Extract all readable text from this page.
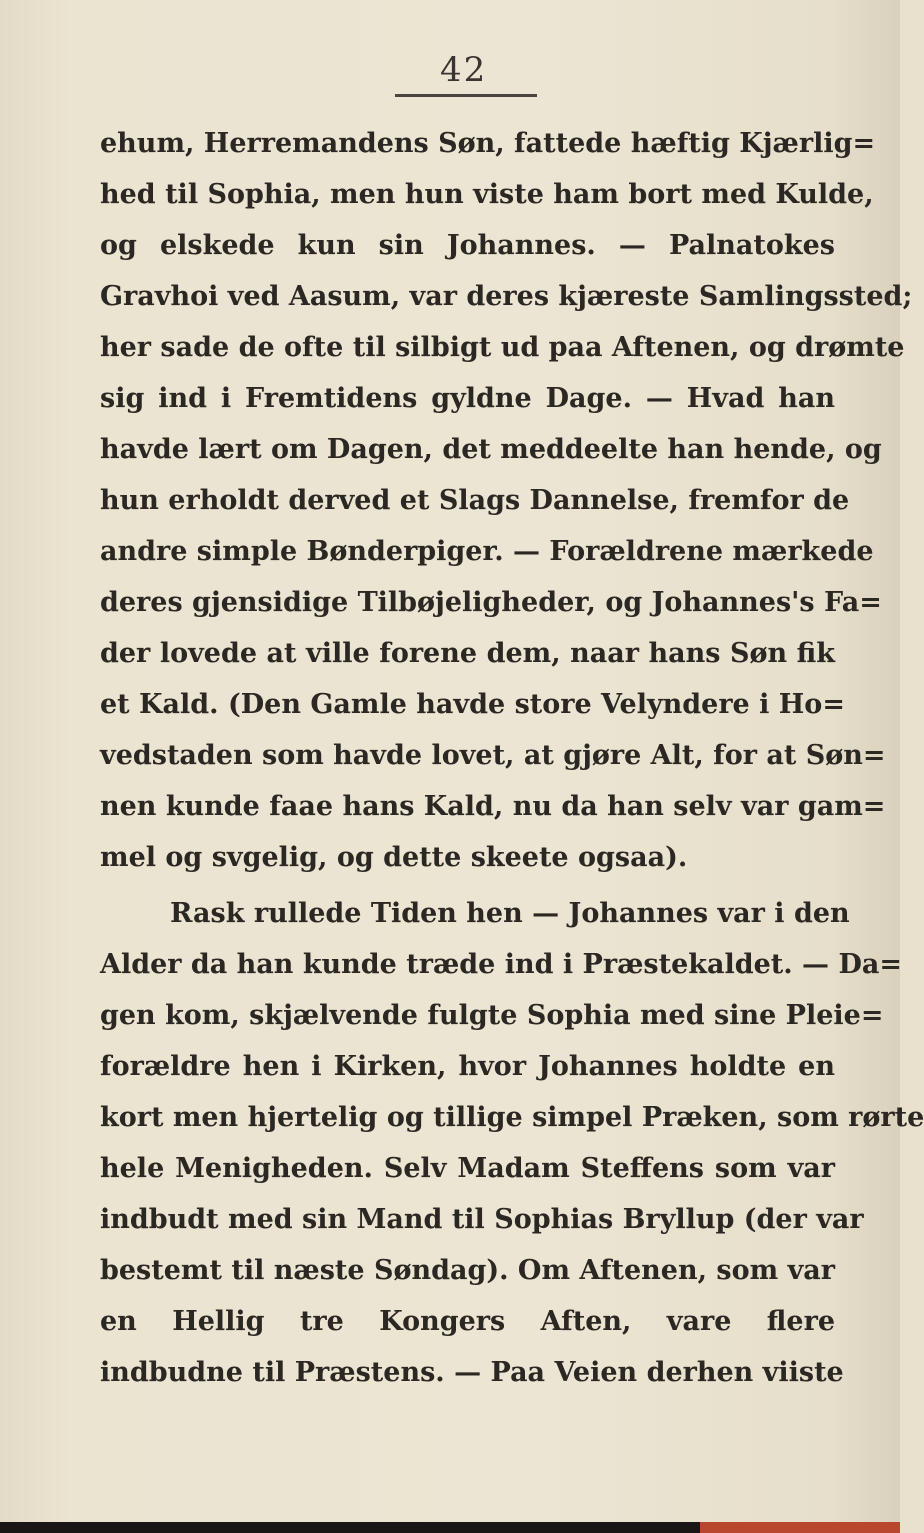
42
ehum, Herremandens Søn, fattede hæftig Kjærlig=
hed til Sophia, men hun viste ham bort med Kulde,
og elskede kun sin Johannes. — Palnatokes
Gravhoi ved Aasum, var deres kjæreste Samlingssted;
her sade de ofte til silbigt ud paa Aftenen, og drømte
sig ind i Fremtidens gyldne Dage. — Hvad han
havde lært om Dagen, det meddeelte han hende, og
hun erholdt derved et Slags Dannelse, fremfor de
andre simple Bønderpiger. — Forældrene mærkede
deres gjensidige Tilbøjeligheder, og Johannes's Fa=
der lovede at ville forene dem, naar hans Søn fik
et Kald. (Den Gamle havde store Velyndere i Ho=
vedstaden som havde lovet, at gjøre Alt, for at Søn=
nen kunde faae hans Kald, nu da han selv var gam=
mel og svgelig, og dette skeete ogsaa).
Rask rullede Tiden hen — Johannes var i den
Alder da han kunde træde ind i Præstekaldet. — Da=
gen kom, skjælvende fulgte Sophia med sine Pleie=
forældre hen i Kirken, hvor Johannes holdte en
kort men hjertelig og tillige simpel Præken, som rørte
hele Menigheden. Selv Madam Steffens som var
indbudt med sin Mand til Sophias Bryllup (der var
bestemt til næste Søndag). Om Aftenen, som var
en Hellig tre Kongers Aften, vare flere
indbudne til Præstens. — Paa Veien derhen viiste
